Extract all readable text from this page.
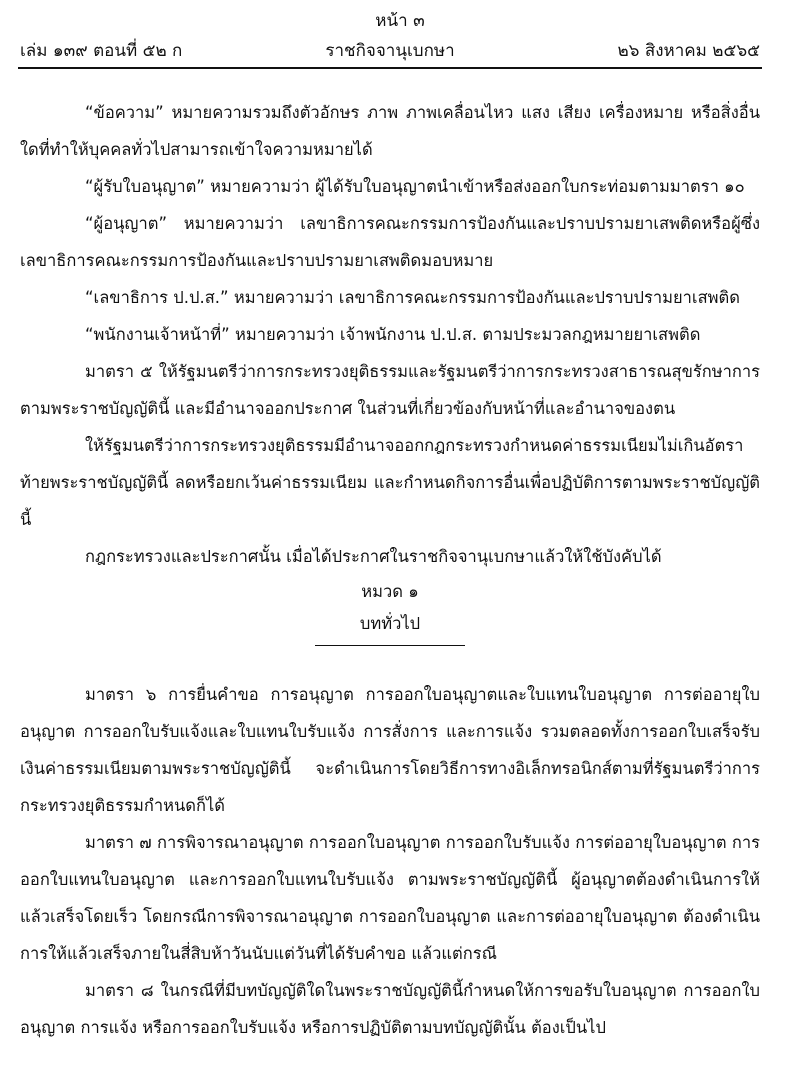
หน้า ๓
ราชกิจจานุเบกษา
เล่ม ๑๓๙ ตอนที่ ๕๒ ก	๒๖ สิงหาคม ๒๕๖๕

“ข้อความ” หมายความรวมถึงตัวอักษร ภาพ ภาพเคลื่อนไหว แสง เสียง เครื่องหมาย หรือสิ่งอื่นใดที่ทำให้บุคคลทั่วไปสามารถเข้าใจความหมายได้

“ผู้รับใบอนุญาต” หมายความว่า ผู้ได้รับใบอนุญาตนำเข้าหรือส่งออกใบกระท่อมตามมาตรา ๑๐

“ผู้อนุญาต” หมายความว่า เลขาธิการคณะกรรมการป้องกันและปราบปรามยาเสพติดหรือผู้ซึ่งเลขาธิการคณะกรรมการป้องกันและปราบปรามยาเสพติดมอบหมาย

“เลขาธิการ ป.ป.ส.” หมายความว่า เลขาธิการคณะกรรมการป้องกันและปราบปรามยาเสพติด

“พนักงานเจ้าหน้าที่” หมายความว่า เจ้าพนักงาน ป.ป.ส. ตามประมวลกฎหมายยาเสพติด

มาตรา ๕ ให้รัฐมนตรีว่าการกระทรวงยุติธรรมและรัฐมนตรีว่าการกระทรวงสาธารณสุขรักษาการตามพระราชบัญญัตินี้ และมีอำนาจออกประกาศ ในส่วนที่เกี่ยวข้องกับหน้าที่และอำนาจของตน

ให้รัฐมนตรีว่าการกระทรวงยุติธรรมมีอำนาจออกกฎกระทรวงกำหนดค่าธรรมเนียมไม่เกินอัตราท้ายพระราชบัญญัตินี้ ลดหรือยกเว้นค่าธรรมเนียม และกำหนดกิจการอื่นเพื่อปฏิบัติการตามพระราชบัญญัตินี้

กฎกระทรวงและประกาศนั้น เมื่อได้ประกาศในราชกิจจานุเบกษาแล้วให้ใช้บังคับได้

หมวด ๑
บททั่วไป

มาตรา ๖ การยื่นคำขอ การอนุญาต การออกใบอนุญาตและใบแทนใบอนุญาต การต่ออายุใบอนุญาต การออกใบรับแจ้งและใบแทนใบรับแจ้ง การสั่งการ และการแจ้ง รวมตลอดทั้งการออกใบเสร็จรับเงินค่าธรรมเนียมตามพระราชบัญญัตินี้ จะดำเนินการโดยวิธีการทางอิเล็กทรอนิกส์ตามที่รัฐมนตรีว่าการกระทรวงยุติธรรมกำหนดก็ได้

มาตรา ๗ การพิจารณาอนุญาต การออกใบอนุญาต การออกใบรับแจ้ง การต่ออายุใบอนุญาต การออกใบแทนใบอนุญาต และการออกใบแทนใบรับแจ้ง ตามพระราชบัญญัตินี้ ผู้อนุญาตต้องดำเนินการให้แล้วเสร็จโดยเร็ว โดยกรณีการพิจารณาอนุญาต การออกใบอนุญาต และการต่ออายุใบอนุญาต ต้องดำเนินการให้แล้วเสร็จภายในสี่สิบห้าวันนับแต่วันที่ได้รับคำขอ แล้วแต่กรณี

มาตรา ๘ ในกรณีที่มีบทบัญญัติใดในพระราชบัญญัตินี้กำหนดให้การขอรับใบอนุญาต การออกใบอนุญาต การแจ้ง หรือการออกใบรับแจ้ง หรือการปฏิบัติตามบทบัญญัตินั้น ต้องเป็นไป
